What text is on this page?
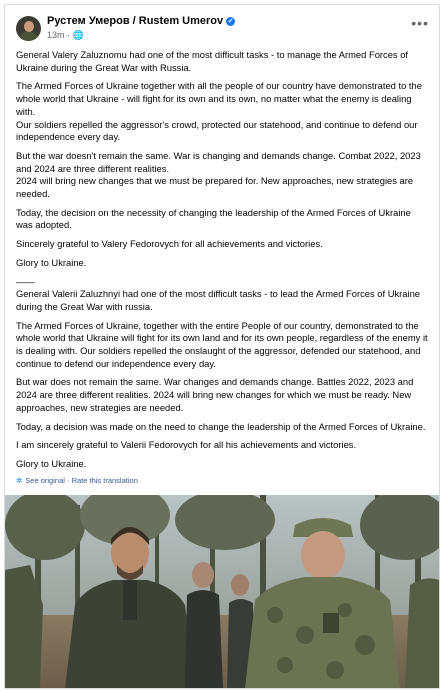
Рустем Умеров / Rustem Umerov ✓
13m · 🌐
•••

General Valery Zaluznomu had one of the most difficult tasks - to manage the Armed Forces of Ukraine during the Great War with Russia.

The Armed Forces of Ukraine together with all the people of our country have demonstrated to the whole world that Ukraine - will fight for its own and its own, no matter what the enemy is dealing with.
Our soldiers repelled the aggressor's crowd, protected our statehood, and continue to defend our independence every day.

But the war doesn't remain the same. War is changing and demands change. Combat 2022, 2023 and 2024 are three different realities.
2024 will bring new changes that we must be prepared for. New approaches, new strategies are needed.

Today, the decision on the necessity of changing the leadership of the Armed Forces of Ukraine was adopted.

Sincerely grateful to Valery Fedorovych for all achievements and victories.

Glory to Ukraine.

——

General Valerii Zaluzhnyi had one of the most difficult tasks - to lead the Armed Forces of Ukraine during the Great War with russia.

The Armed Forces of Ukraine, together with the entire People of our country, demonstrated to the whole world that Ukraine will fight for its own land and for its own people, regardless of the enemy it is dealing with. Our soldiers repelled the onslaught of the aggressor, defended our statehood, and continue to defend our independence every day.

But war does not remain the same. War changes and demands change. Battles 2022, 2023 and 2024 are three different realities. 2024 will bring new changes for which we must be ready. New approaches, new strategies are needed.

Today, a decision was made on the need to change the leadership of the Armed Forces of Ukraine.

I am sincerely grateful to Valerii Fedorovych for all his achievements and victories.

Glory to Ukraine.

✲ See original · Rate this translation
